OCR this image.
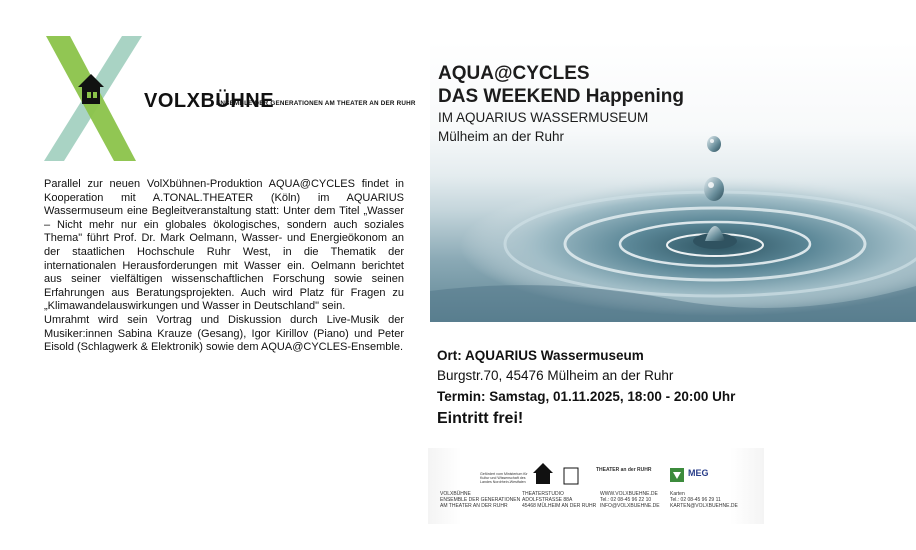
VOLXBÜHNE
ENSEMBLE DER GENERATIONEN AM THEATER AN DER RUHR

Parallel zur neuen VolXbühnen-Produktion AQUA@CYCLES findet in Kooperation mit A.TONAL.THEATER (Köln) im AQUARIUS Wassermuseum eine Begleitveranstaltung statt: Unter dem Titel „Wasser – Nicht mehr nur ein globales ökologisches, sondern auch soziales Thema" führt Prof. Dr. Mark Oelmann, Wasser- und Energieökonom an der staatlichen Hochschule Ruhr West, in die Thematik der internationalen Herausforderungen mit Wasser ein. Oelmann berichtet aus seiner vielfältigen wissenschaftlichen Forschung sowie seinen Erfahrungen aus Beratungsprojekten. Auch wird Platz für Fragen zu „Klimawandelauswirkungen und Wasser in Deutschland" sein.

Umrahmt wird sein Vortrag und Diskussion durch Live-Musik der Musiker:innen Sabina Krauze (Gesang), Igor Kirillov (Piano) und Peter Eisold (Schlagwerk & Elektronik) sowie dem AQUA@CYCLES-Ensemble.

AQUA@CYCLES

DAS WEEKEND Happening

IM AQUARIUS WASSERMUSEUM

Mülheim an der Ruhr

Ort: AQUARIUS Wassermuseum
Burgstr.70, 45476 Mülheim an der Ruhr
Termin: Samstag, 01.11.2025, 18:00 - 20:00 Uhr
Eintritt frei!
Gefördert vom Ministerium für Kultur und Wissenschaft des Landes Nordrhein-Westfalen
THEATER an der RUHR	MEG
VOLXBÜHNE
ENSEMBLE DER GENERATIONEN
AM THEATER AN DER RUHR
THEATERSTUDIO
ADOLFSTRASSE 88A
45468 MÜLHEIM AN DER RUHR
WWW.VOLXBUEHNE.DE
Tel.: 02 08-45 96 22 10
INFO@VOLXBUEHNE.DE
Karten
Tel.: 02 08-45 96 29 11
KARTEN@VOLXBUEHNE.DE
